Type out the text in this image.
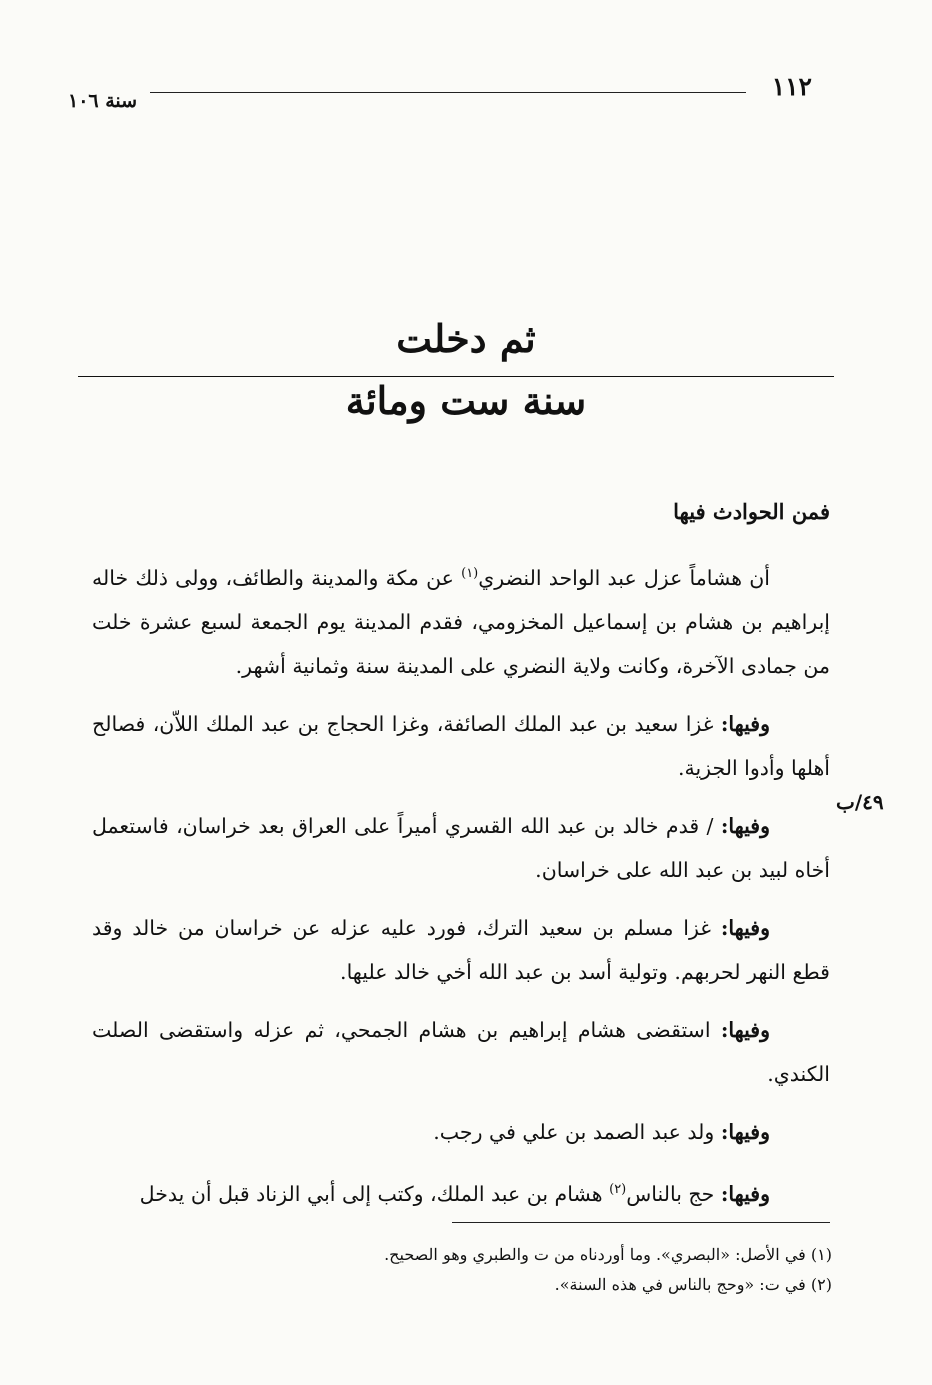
١١٢
سنة ١٠٦
ثم دخلت
سنة ست ومائة

فمن الحوادث فيها

أن هشاماً عزل عبد الواحد النضري$^{(١)}$ عن مكة والمدينة والطائف، وولى ذلك خاله إبراهيم بن هشام بن إسماعيل المخزومي، فقدم المدينة يوم الجمعة لسبع عشرة خلت من جمادى الآخرة، وكانت ولاية النضري على المدينة سنة وثمانية أشهر.

وفيها: غزا سعيد بن عبد الملك الصائفة، وغزا الحجاج بن عبد الملك اللاّن، فصالح أهلها وأدوا الجزية.

وفيها: / قدم خالد بن عبد الله القسري أميراً على العراق بعد خراسان، فاستعمل أخاه لبيد بن عبد الله على خراسان.

وفيها: غزا مسلم بن سعيد الترك، فورد عليه عزله عن خراسان من خالد وقد قطع النهر لحربهم. وتولية أسد بن عبد الله أخي خالد عليها.

وفيها: استقضى هشام إبراهيم بن هشام الجمحي، ثم عزله واستقضى الصلت الكندي.

وفيها: ولد عبد الصمد بن علي في رجب.

وفيها: حج بالناس$^{(٢)}$ هشام بن عبد الملك، وكتب إلى أبي الزناد قبل أن يدخل

٤٩/ب

(١) في الأصل: «البصري». وما أوردناه من ت والطبري وهو الصحيح.

(٢) في ت: «وحج بالناس في هذه السنة».
